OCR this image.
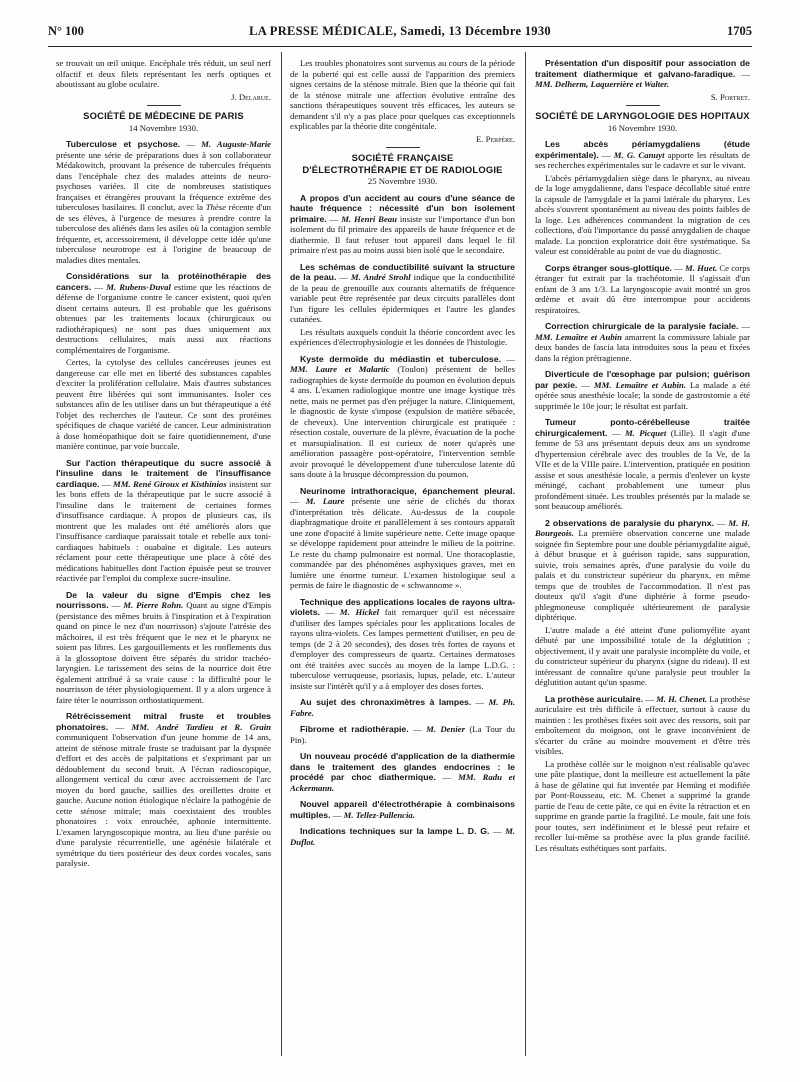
N° 100	LA PRESSE MÉDICALE, Samedi, 13 Décembre 1930	1705

se trouvait un œil unique. Encéphale très réduit, un seul nerf olfactif et deux filets représentant les nerfs optiques et aboutissant au globe oculaire.

J. Delarue.
SOCIÉTÉ DE MÉDECINE DE PARIS
14 Novembre 1930.

Tuberculose et psychose. — M. Auguste-Marie présente une série de préparations dues à son collaborateur Médakowitch, prouvant la présence de tubercules fréquents dans l'encéphale chez des malades atteints de neuro-psychoses variées. Il cite de nombreuses statistiques françaises et étrangères prouvant la fréquence extrême des tuberculoses basilaires. Il conclut, avec la Thèse récente d'un de ses élèves, à l'urgence de mesures à prendre contre la tuberculose des aliénés dans les asiles où la contagion semble fréquente, et, accessoirement, il développe cette idée qu'une tuberculose neurotrope est à l'origine de beaucoup de maladies dites mentales.

Considérations sur la protéinothérapie des cancers. — M. Rubens-Duval estime que les réactions de défense de l'organisme contre le cancer existent, quoi qu'en disent certains auteurs. Il est probable que les guérisons obtenues par les traitements locaux (chirurgicaux ou radiothérapiques) ne sont pas dues uniquement aux destructions cellulaires, mais aussi aux réactions complémentaires de l'organisme.

Certes, la cytolyse des cellules cancéreuses jeunes est dangereuse car elle met en liberté des substances capables d'exciter la prolifération cellulaire. Mais d'autres substances peuvent être libérées qui sont immunisantes. Isoler ces substances afin de les utiliser dans un but thérapeutique a été l'objet des recherches de l'auteur. Ce sont des protéines spécifiques de chaque variété de cancer. Leur administration à dose homéopathique doit se faire quotidiennement, d'une manière continue, par voie buccale.

Sur l'action thérapeutique du sucre associé à l'insuline dans le traitement de l'insuffisance cardiaque. — MM. René Giroux et Kisthinios insistent sur les bons effets de la thérapeutique par le sucre associé à l'insuline dans le traitement de certaines formes d'insuffisance cardiaque. A propos de plusieurs cas, ils montrent que les malades ont été améliorés alors que l'insuffisance cardiaque paraissait totale et rebelle aux toni-cardiaques habituels : ouabaïne et digitale. Les auteurs réclament pour cette thérapeutique une place à côté des médications habituelles dont l'action épuisée peut se trouver réactivée par l'emploi du complexe sucre-insuline.

De la valeur du signe d'Empis chez les nourrissons. — M. Pierre Rohn. Quant au signe d'Empis (persistance des mêmes bruits à l'inspiration et à l'expiration quand on pince le nez d'un nourrisson) s'ajoute l'atrésie des mâchoires, il est très fréquent que le nez et le pharynx ne soient pas libres. Les gargouillements et les ronflements dus à la glossoptose doivent être séparés du stridor trachéo-laryngien. Le tarissement des seins de la nourrice doit être également attribué à sa vraie cause : la difficulté pour le nourrisson de téter physiologiquement. Il y a alors urgence à faire téter le nourrisson orthostatiquement.

Rétrécissement mitral fruste et troubles phonatoires. — MM. André Tardieu et R. Grain communiquent l'observation d'un jeune homme de 14 ans, atteint de sténose mitrale fruste se traduisant par la dyspnée d'effort et des accès de palpitations et s'exprimant par un dédoublement du second bruit. A l'écran radioscopique, allongement vertical du cœur avec accroissement de l'arc moyen du bord gauche, saillies des oreillettes droite et gauche. Aucune notion étiologique n'éclaire la pathogénie de cette sténose mitrale; mais coexistaient des troubles phonatoires : voix enrouchée, aphonie intermittente. L'examen laryngoscopique montra, au lieu d'une parésie ou d'une paralysie récurrentielle, une agénésie bilatérale et symétrique du tiers postérieur des deux cordes vocales, sans paralysie.

Les troubles phonatoires sont survenus au cours de la période de la puberté qui est celle aussi de l'apparition des premiers signes certains de la sténose mitrale. Bien que la théorie qui fait de la sténose mitrale une affection évolutive entraîne des sanctions thérapeutiques souvent très efficaces, les auteurs se demandent s'il n'y a pas place pour quelques cas exceptionnels explicables par la théorie dite congénitale.

E. Perpère.
SOCIÉTÉ FRANÇAISE
D'ÉLECTROTHÉRAPIE ET DE RADIOLOGIE
25 Novembre 1930.

A propos d'un accident au cours d'une séance de haute fréquence : nécessité d'un bon isolement primaire. — M. Henri Beau insiste sur l'importance d'un bon isolement du fil primaire des appareils de haute fréquence et de diathermie. Il faut refuser tout appareil dans lequel le fil primaire n'est pas au moins aussi bien isolé que le secondaire.

Les schémas de conductibilité suivant la structure de la peau. — M. André Strohl indique que la conductibilité de la peau de grenouille aux courants alternatifs de fréquence variable peut être représentée par deux circuits parallèles dont l'un figure les cellules épidermiques et l'autre les glandes cutanées.

Les résultats auxquels conduit la théorie concordent avec les expériences d'électrophysiologie et les données de l'histologie.

Kyste dermoïde du médiastin et tuberculose. — MM. Laure et Malartic (Toulon) présentent de belles radiographies de kyste dermoïde du poumon en évolution depuis 4 ans. L'examen radiologique montre une image kystique très nette, mais ne permet pas d'en préjuger la nature. Cliniquement, le diagnostic de kyste s'impose (expulsion de matière sébacée, de cheveux). Une intervention chirurgicale est pratiquée : résection costale, ouverture de la plèvre, évacuation de la poche et marsupialisation. Il est curieux de noter qu'après une amélioration passagère post-opératoire, l'intervention semble avoir provoqué le développement d'une tuberculose latente dû sans doute à la brusque décompression du poumon.

Neurinome intrathoracique, épanchement pleural. — M. Laure présente une série de clichés du thorax d'interprétation très délicate. Au-dessus de la coupole diaphragmatique droite et parallèlement à ses contours apparaît une zone d'opacité à limite supérieure nette. Cette image opaque se développe rapidement pour atteindre le milieu de la poitrine. Le reste du champ pulmonaire est normal. Une thoracoplastie, commandée par des phénomènes asphyxiques graves, met en lumière une énorme tumeur. L'examen histologique seul a permis de faire le diagnostic de « schwannome ».

Technique des applications locales de rayons ultra-violets. — M. Hickel fait remarquer qu'il est nécessaire d'utiliser des lampes spéciales pour les applications locales de rayons ultra-violets. Ces lampes permettent d'utiliser, en peu de temps (de 2 à 20 secondes), des doses très fortes de rayons et d'employer des compresseurs de quartz. Certaines dermatoses ont été traitées avec succès au moyen de la lampe L.D.G. : tuberculose verruqueuse, psoriasis, lupus, pelade, etc. L'auteur insiste sur l'intérêt qu'il y a à employer des doses fortes.

Au sujet des chronaximètres à lampes. — M. Ph. Fabre.

Fibrome et radiothérapie. — M. Denier (La Tour du Pin).

Un nouveau procédé d'application de la diathermie dans le traitement des glandes endocrines : le procédé par choc diathermique. — MM. Radu et Ackermann.

Nouvel appareil d'électrothérapie à combinaisons multiples. — M. Tellez-Pallencia.

Indications techniques sur la lampe L. D. G. — M. Duflot.

Présentation d'un dispositif pour association de traitement diathermique et galvano-faradique. — MM. Delherm, Laquerrière et Walter.

S. Portret.
SOCIÉTÉ DE LARYNGOLOGIE DES HOPITAUX
16 Novembre 1930.

Les abcès périamygdaliens (étude expérimentale). — M. G. Canuyt apporte les résultats de ses recherches expérimentales sur le cadavre et sur le vivant.

L'abcès périamygdalien siège dans le pharynx, au niveau de la loge amygdalienne, dans l'espace décollable situé entre la capsule de l'amygdale et la paroi latérale du pharynx. Les abcès s'ouvrent spontanément au niveau des points faibles de la loge. Les adhérences commandent la migration de ces collections, d'où l'importance du passé amygdalien de chaque malade. La ponction exploratrice doit être systématique. Sa valeur est considérable au point de vue du diagnostic.

Corps étranger sous-glottique. — M. Huet. Ce corps étranger fut extrait par la trachéotomie. Il s'agissait d'un enfant de 3 ans 1/3. La laryngoscopie avait montré un gros œdème et avait dû être interrompue pour accidents respiratoires.

Correction chirurgicale de la paralysie faciale. — MM. Lemaître et Aubin amarrent la commissure labiale par deux bandes de fascia lata introduites sous la peau et fixées dans la région prétragienne.

Diverticule de l'œsophage par pulsion; guérison par pexie. — MM. Lemaître et Aubin. La malade a été opérée sous anesthésie locale; la sonde de gastrostomie a été supprimée le 10e jour; le résultat est parfait.

Tumeur ponto-cérébelleuse traitée chirurgicalement. — M. Picquet (Lille). Il s'agit d'une femme de 53 ans présentant depuis deux ans un syndrome d'hypertension cérébrale avec des troubles de la Ve, de la VIIe et de la VIIIe paire. L'intervention, pratiquée en position assise et sous anesthésie locale, a permis d'enlever un kyste méningé, cachant probablement une tumeur plus profondément située. Les troubles présentés par la malade se sont beaucoup améliorés.

2 observations de paralysie du pharynx. — M. H. Bourgeois. La première observation concerne une malade soignée fin Septembre pour une double périamygdalite aiguë, à début brusque et à guérison rapide, sans suppuration, suivie, trois semaines après, d'une paralysie du voile du palais et du constricteur supérieur du pharynx, en même temps que de troubles de l'accommodation. Il n'est pas douteux qu'il s'agit d'une diphtérie à forme pseudo-phlegmoneuse compliquée ultérieurement de paralysie diphtérique.

L'autre malade a été atteint d'une poliomyélite ayant débuté par une impossibilité totale de la déglutition ; objectivement, il y avait une paralysie incomplète du voile, et du constricteur supérieur du pharynx (signe du rideau). Il est intéressant de connaître qu'une paralysie peut troubler la déglutition autant qu'un spasme.

La prothèse auriculaire. — M. H. Chenet. La prothèse auriculaire est très difficile à effectuer, surtout à cause du maintien : les prothèses fixées soit avec des ressorts, soit par emboîtement du moignon, ont le grave inconvénient de s'écarter du crâne au moindre mouvement et d'être très visibles.

La prothèse collée sur le moignon n'est réalisable qu'avec une pâte plastique, dont la meilleure est actuellement la pâte à base de gélatine qui fut inventée par Hemüng et modifiée par Pont-Rousseau, etc. M. Chenet a supprimé la grande partie de l'eau de cette pâte, ce qui en évite la rétraction et en supprime en grande partie la fragilité. Le moule, fait une fois pour toutes, sert indéfiniment et le blessé peut refaire et recoller lui-même sa prothèse avec la plus grande facilité. Les résultats esthétiques sont parfaits.
